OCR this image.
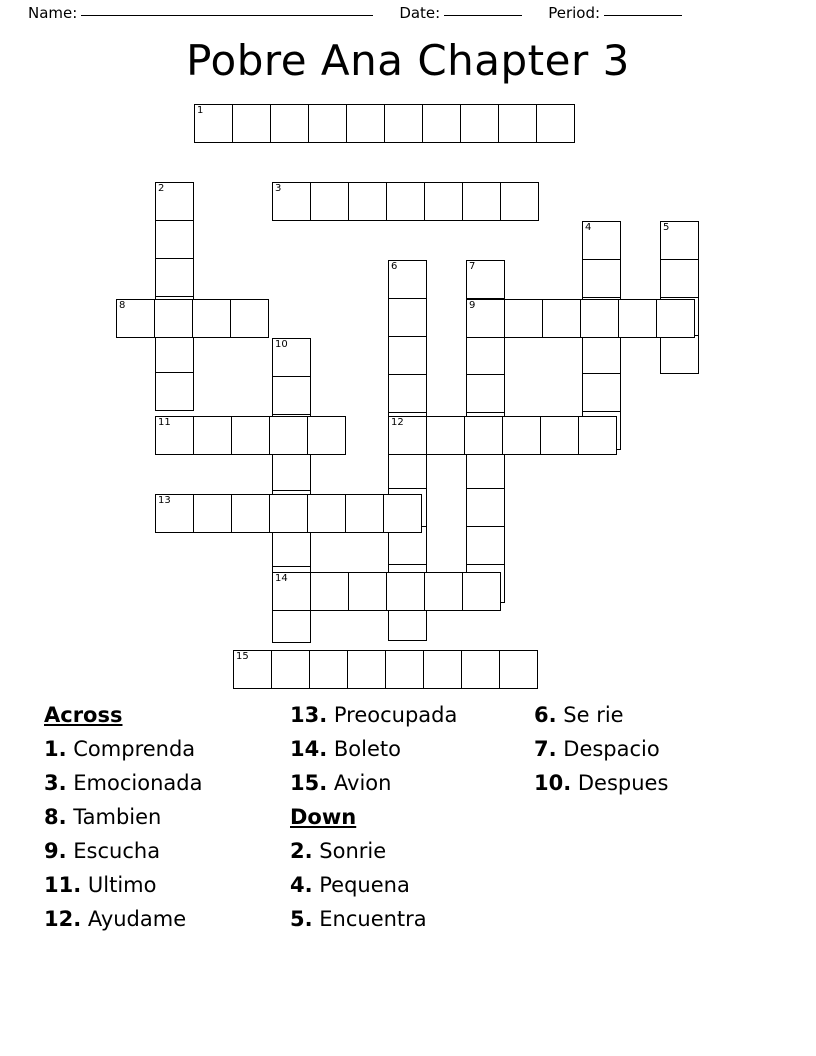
Name:	Date:	Period:
Pobre Ana Chapter 3
1
2	3
4	5
6	7
8	9
10
11	12
13
14
15
Across
1. Comprenda
3. Emocionada
8. Tambien
9. Escucha
11. Ultimo
12. Ayudame
13. Preocupada
14. Boleto
15. Avion
Down
2. Sonrie
4. Pequena
5. Encuentra
6. Se rie
7. Despacio
10. Despues
